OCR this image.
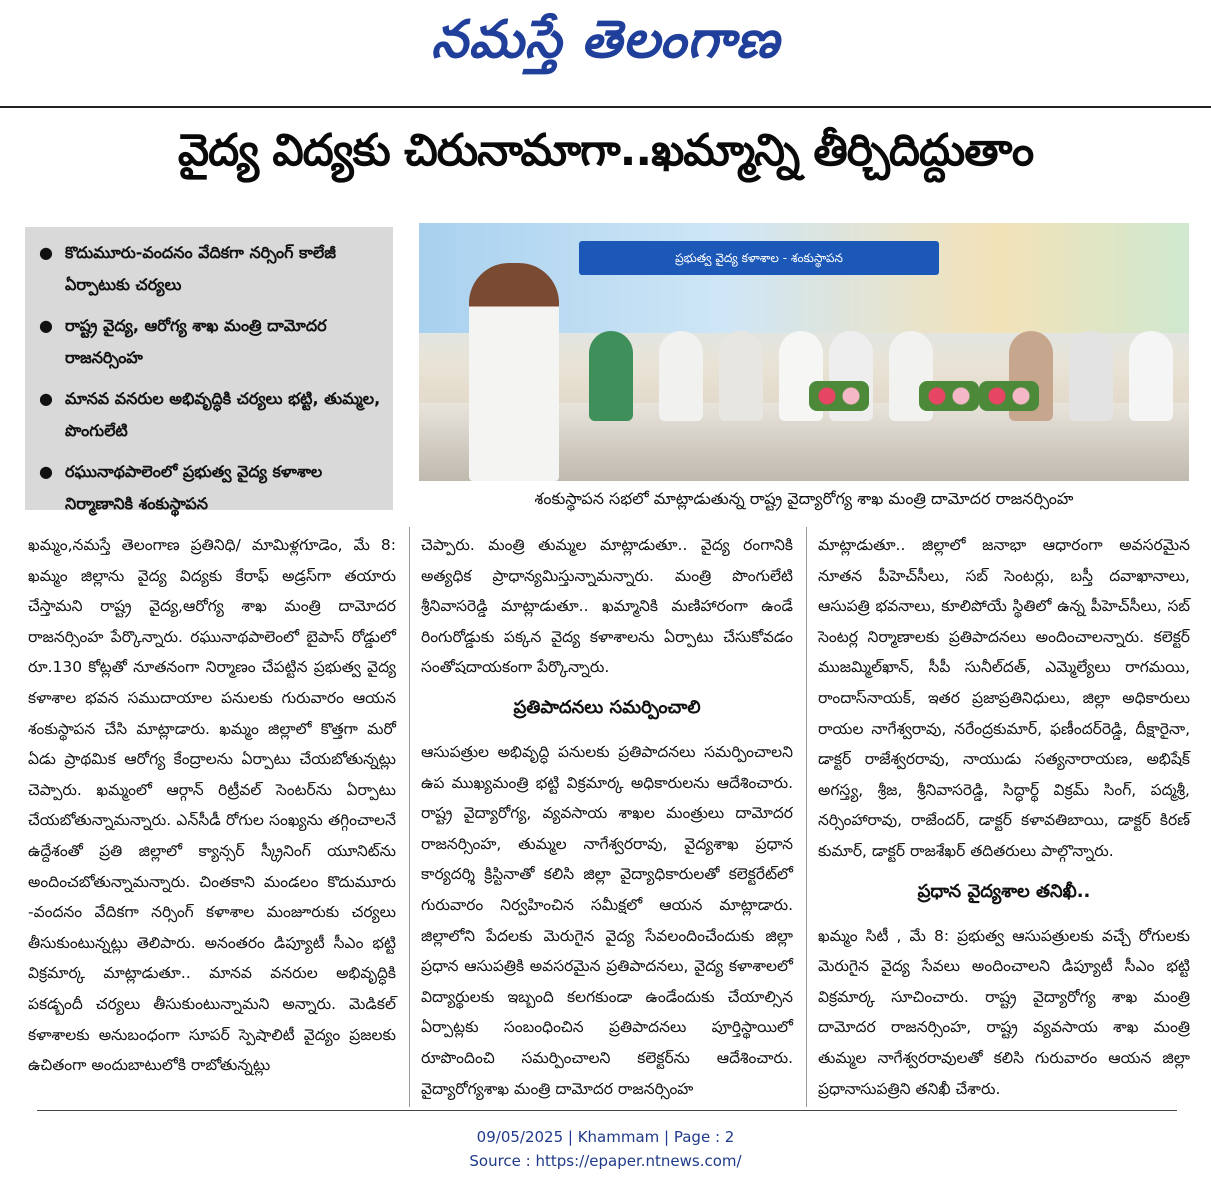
నమస్తే తెలంగాణ
వైద్య విద్యకు చిరునామాగా..ఖమ్మాన్ని తీర్చిదిద్దుతాం
● కొదుమూరు-వందనం వేదికగా నర్సింగ్ కాలేజీ ఏర్పాటుకు చర్యలు
● రాష్ట్ర వైద్య, ఆరోగ్య శాఖ మంత్రి దామోదర రాజనర్సింహ
● మానవ వనరుల అభివృద్ధికి చర్యలు భట్టి, తుమ్మల, పొంగులేటి
● రఘునాథపాలెంలో ప్రభుత్వ వైద్య కళాశాల నిర్మాణానికి శంకుస్థాపన
ప్రభుత్వ వైద్య కళాశాల - శంకుస్థాపన
శంకుస్థాపన సభలో మాట్లాడుతున్న రాష్ట్ర వైద్యారోగ్య శాఖ మంత్రి దామోదర రాజనర్సింహ

ఖమ్మం,నమస్తే తెలంగాణ ప్రతినిధి/ మామిళ్లగూడెం, మే 8: ఖమ్మం జిల్లాను వైద్య విద్యకు కేరాఫ్ అడ్రస్‌గా తయారు చేస్తామని రాష్ట్ర వైద్య,ఆరోగ్య శాఖ మంత్రి దామోదర రాజనర్సింహ పేర్కొన్నారు. రఘునాథపాలెంలో బైపాస్ రోడ్డులో రూ.130 కోట్లతో నూతనంగా నిర్మాణం చేపట్టిన ప్రభుత్వ వైద్య కళాశాల భవన సముదాయాల పనులకు గురువారం ఆయన శంకుస్థాపన చేసి మాట్లాడారు. ఖమ్మం జిల్లాలో కొత్తగా మరో ఏడు ప్రాథమిక ఆరోగ్య కేంద్రాలను ఏర్పాటు చేయబోతున్నట్లు చెప్పారు. ఖమ్మంలో ఆర్గాన్ రిట్రీవల్ సెంటర్‌ను ఏర్పాటు చేయబోతున్నామన్నారు. ఎన్‌సీడీ రోగుల సంఖ్యను తగ్గించాలనే ఉద్దేశంతో ప్రతి జిల్లాలో క్యాన్సర్ స్క్రీనింగ్ యూనిట్‌ను అందించబోతున్నామన్నారు. చింతకాని మండలం కొదుమూరు -వందనం వేదికగా నర్సింగ్ కళాశాల మంజూరుకు చర్యలు తీసుకుంటున్నట్లు తెలిపారు. అనంతరం డిప్యూటీ సీఎం భట్టి విక్రమార్క మాట్లాడుతూ.. మానవ వనరుల అభివృద్ధికి పకడ్బందీ చర్యలు తీసుకుంటున్నామని అన్నారు. మెడికల్ కళాశాలకు అనుబంధంగా సూపర్ స్పెషాలిటీ వైద్యం ప్రజలకు ఉచితంగా అందుబాటులోకి రాబోతున్నట్లు

చెప్పారు. మంత్రి తుమ్మల మాట్లాడుతూ.. వైద్య రంగానికి అత్యధిక ప్రాధాన్యమిస్తున్నామన్నారు. మంత్రి పొంగులేటి శ్రీనివాసరెడ్డి మాట్లాడుతూ.. ఖమ్మానికి మణిహారంగా ఉండే రింగురోడ్డుకు పక్కన వైద్య కళాశాలను ఏర్పాటు చేసుకోవడం సంతోషదాయకంగా పేర్కొన్నారు.

ప్రతిపాదనలు సమర్పించాలి

ఆసుపత్రుల అభివృద్ధి పనులకు ప్రతిపాదనలు సమర్పించాలని ఉప ముఖ్యమంత్రి భట్టి విక్రమార్క అధికారులను ఆదేశించారు. రాష్ట్ర వైద్యారోగ్య, వ్యవసాయ శాఖల మంత్రులు దామోదర రాజనర్సింహ, తుమ్మల నాగేశ్వరరావు, వైద్యశాఖ ప్రధాన కార్యదర్శి క్రిస్టినాతో కలిసి జిల్లా వైద్యాధికారులతో కలెక్టరేట్‌లో గురువారం నిర్వహించిన సమీక్షలో ఆయన మాట్లాడారు. జిల్లాలోని పేదలకు మెరుగైన వైద్య సేవలందించేందుకు జిల్లా ప్రధాన ఆసుపత్రికి అవసరమైన ప్రతిపాదనలు, వైద్య కళాశాలలో విద్యార్థులకు ఇబ్బంది కలగకుండా ఉండేందుకు చేయాల్సిన ఏర్పాట్లకు సంబంధించిన ప్రతిపాదనలు పూర్తిస్థాయిలో రూపొందించి సమర్పించాలని కలెక్టర్‌ను ఆదేశించారు. వైద్యారోగ్యశాఖ మంత్రి దామోదర రాజనర్సింహ

మాట్లాడుతూ.. జిల్లాలో జనాభా ఆధారంగా అవసరమైన నూతన పీహెచ్‌సీలు, సబ్ సెంటర్లు, బస్తీ దవాఖానాలు, ఆసుపత్రి భవనాలు, కూలిపోయే స్థితిలో ఉన్న పీహెచ్‌సీలు, సబ్ సెంటర్ల నిర్మాణాలకు ప్రతిపాదనలు అందించాలన్నారు. కలెక్టర్ ముజమ్మిల్‌ఖాన్, సీపీ సునీల్‌దత్, ఎమ్మెల్యేలు రాగమయి, రాందాస్‌నాయక్, ఇతర ప్రజాప్రతినిధులు, జిల్లా అధికారులు రాయల నాగేశ్వరావు, నరేంద్రకుమార్, ఫణీందర్‌రెడ్డి, దీక్షారైనా, డాక్టర్ రాజేశ్వరరావు, నాయుడు సత్యనారాయణ, అభిషేక్ అగస్త్య, శ్రీజ, శ్రీనివాసరెడ్డి, సిద్ధార్థ్ విక్రమ్ సింగ్, పద్మశ్రీ, నర్సింహారావు, రాజేందర్, డాక్టర్ కళావతిబాయి, డాక్టర్ కిరణ్ కుమార్, డాక్టర్ రాజశేఖర్ తదితరులు పాల్గొన్నారు.

ప్రధాన వైద్యశాల తనిఖీ..

ఖమ్మం సిటీ , మే 8: ప్రభుత్వ ఆసుపత్రులకు వచ్చే రోగులకు మెరుగైన వైద్య సేవలు అందించాలని డిప్యూటీ సీఎం భట్టి విక్రమార్క సూచించారు. రాష్ట్ర వైద్యారోగ్య శాఖ మంత్రి దామోదర రాజనర్సింహ, రాష్ట్ర వ్యవసాయ శాఖ మంత్రి తుమ్మల నాగేశ్వరరావులతో కలిసి గురువారం ఆయన జిల్లా ప్రధానాసుపత్రిని తనిఖీ చేశారు.

09/05/2025 | Khammam | Page : 2
Source : https://epaper.ntnews.com/
